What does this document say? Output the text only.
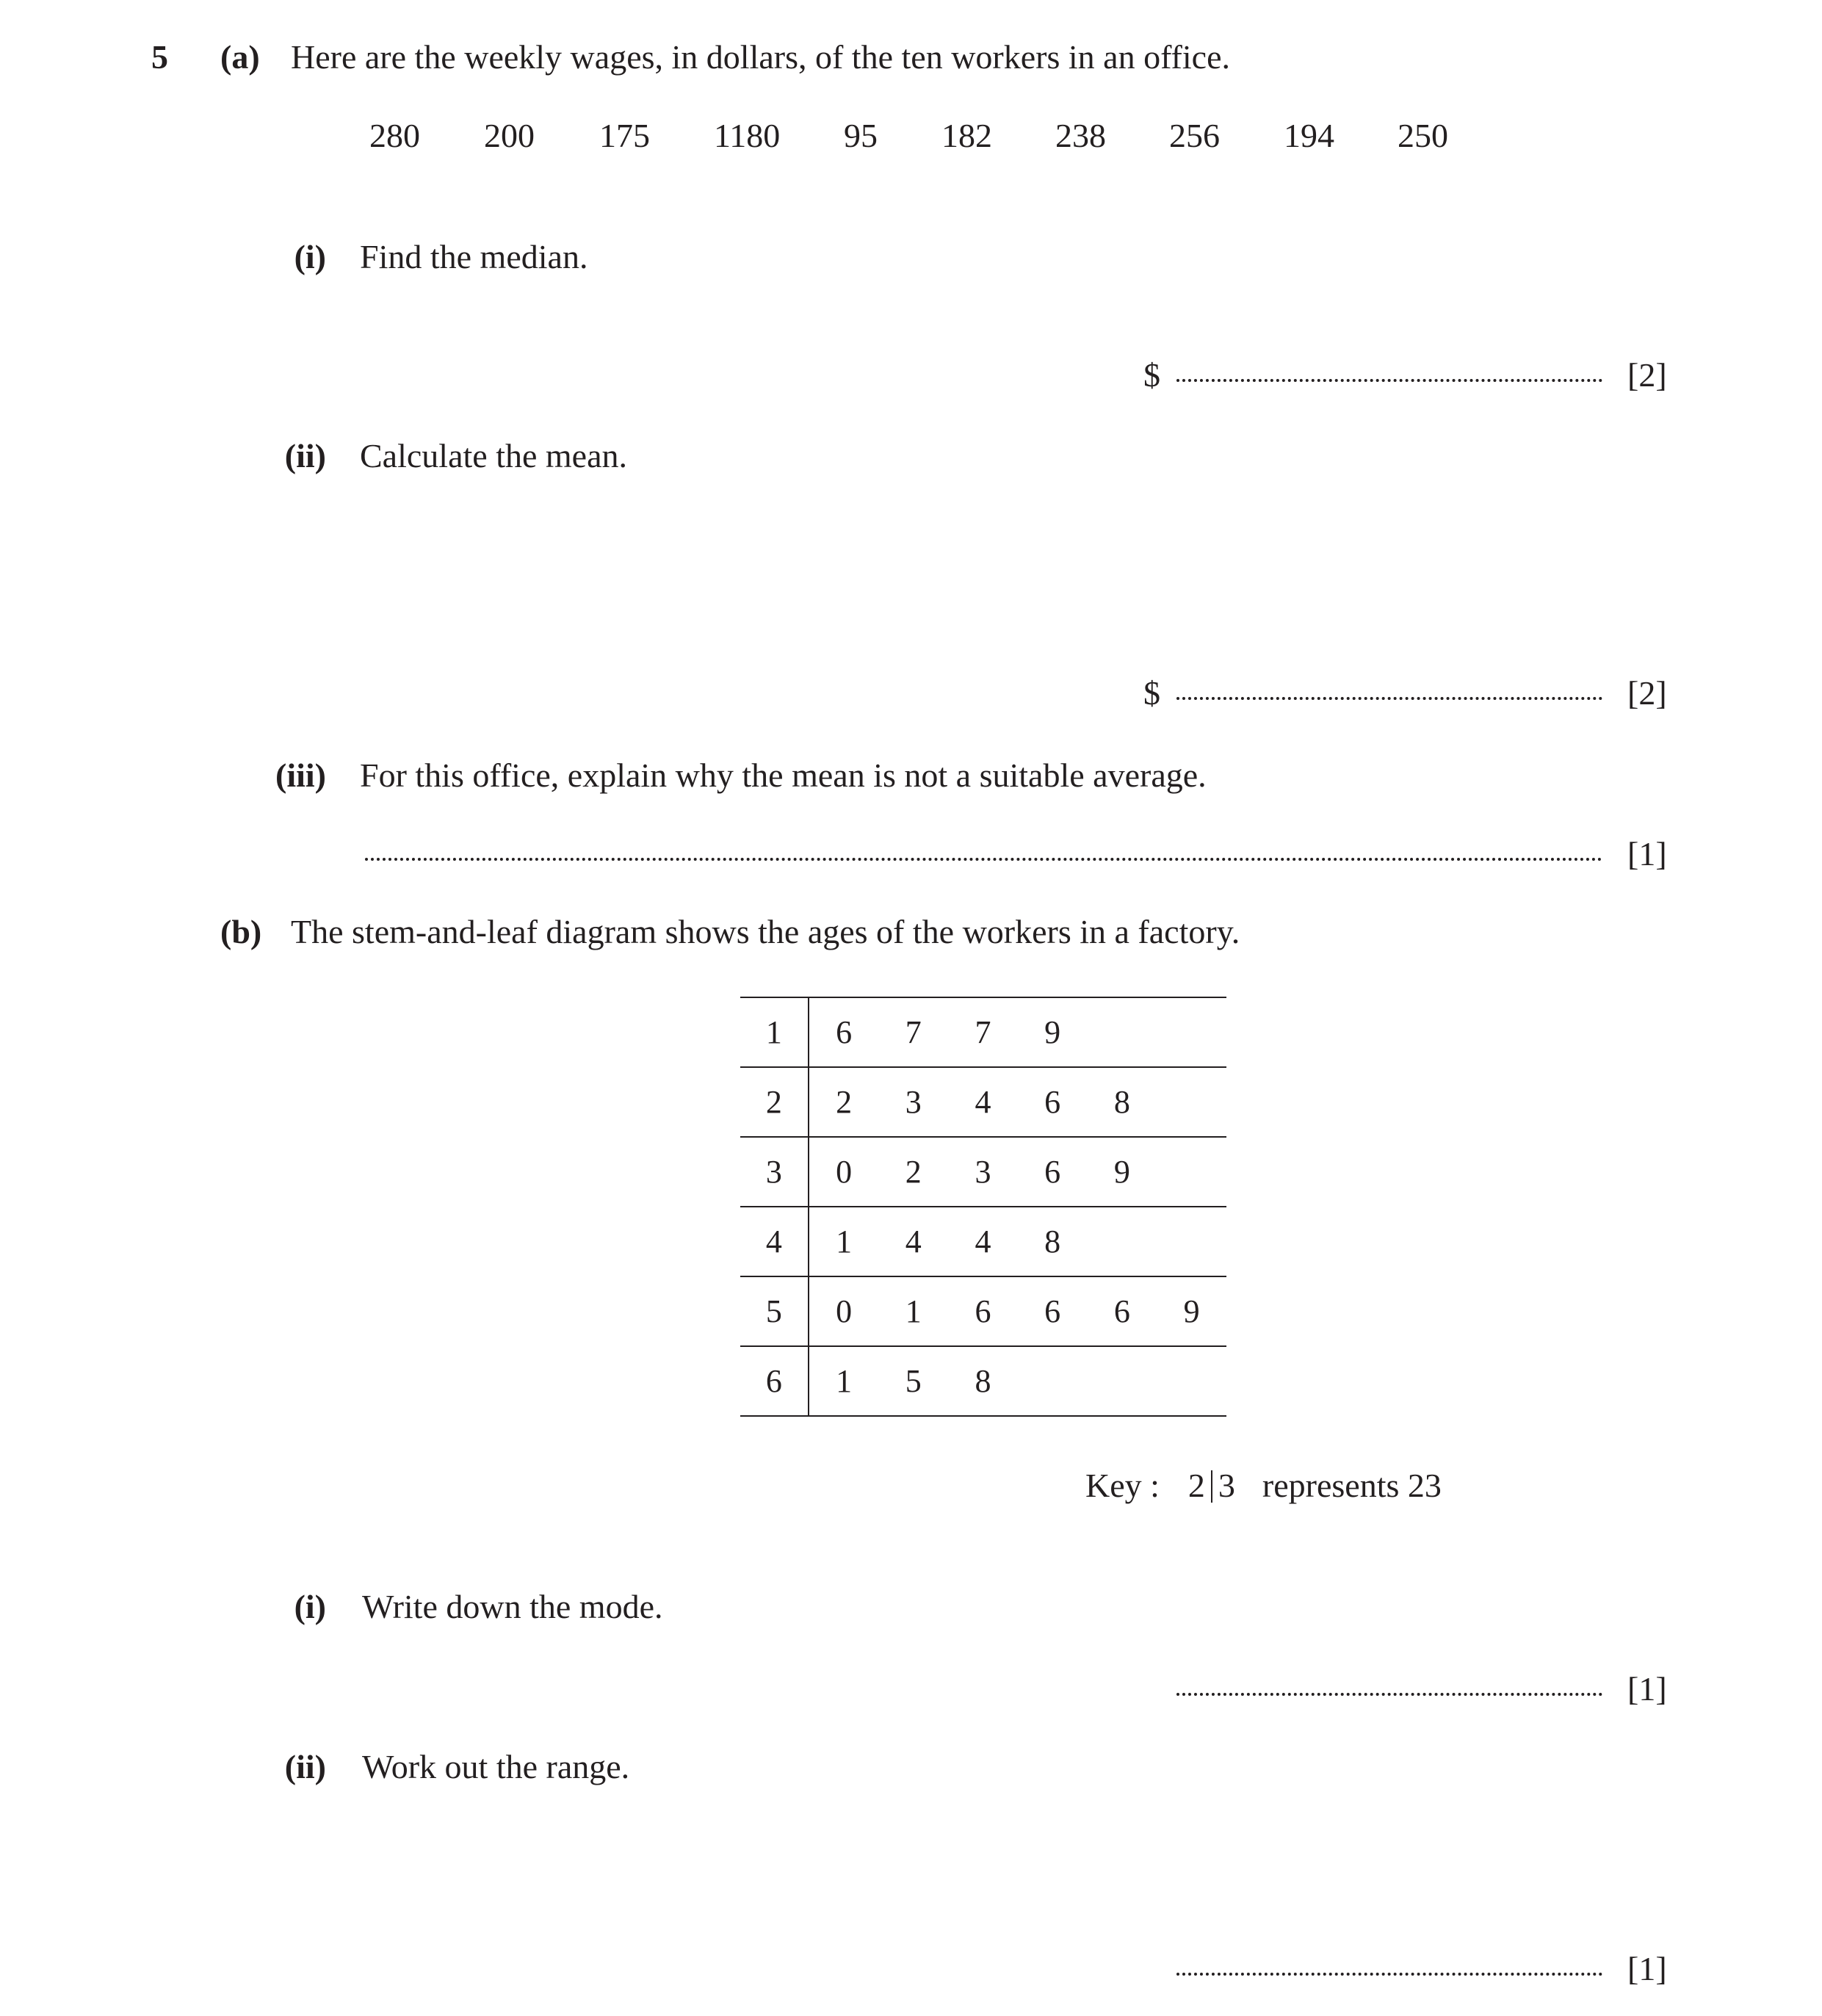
5 (a) Here are the weekly wages, in dollars, of the ten workers in an office.
280 200 175 1180 95 182 238 256 194 250
(i) Find the median.
$	[2]
(ii) Calculate the mean.
$	[2]
(iii) For this office, explain why the mean is not a suitable average.
[1]
(b) The stem-and-leaf diagram shows the ages of the workers in a factory.
1	6	7	7	9			
2	2	3	4	6	8		
3	0	2	3	6	9		
4	1	4	4	8			
5	0	1	6	6	6	9	
6	1	5	8				
Key : 2 3 represents 23
(i) Write down the mode.
[1]
(ii) Work out the range.
[1]
